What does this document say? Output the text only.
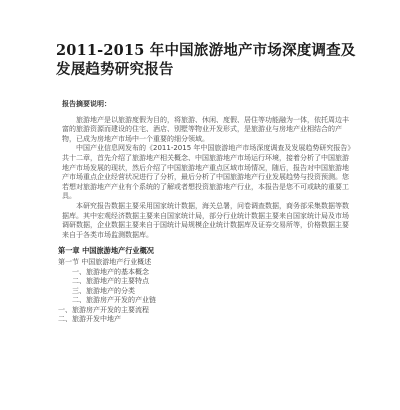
2011-2015 年中国旅游地产市场深度调查及发展趋势研究报告
报告摘要说明：

旅游地产是以旅游度假为目的，将旅游、休闲、度假、居住等功能融为一体，依托周边丰富的旅游资源而建设的住宅、酒店、别墅等物业开发形式，是旅游业与房地产业相结合的产物，已成为房地产市场中一个重要的细分领域。

中国产业信息网发布的《2011-2015 年中国旅游地产市场深度调查及发展趋势研究报告》共十二章，首先介绍了旅游地产相关概念、中国旅游地产市场运行环境，接着分析了中国旅游地产市场发展的现状，然后介绍了中国旅游地产重点区域市场情况，随后，报告对中国旅游地产市场重点企业经营状况进行了分析，最后分析了中国旅游地产行业发展趋势与投资预测。您若想对旅游地产产业有个系统的了解或者想投资旅游地产行业，本报告是您不可或缺的重要工具。

本研究报告数据主要采用国家统计数据，海关总署，问卷调查数据，商务部采集数据等数据库。其中宏观经济数据主要来自国家统计局，部分行业统计数据主要来自国家统计局及市场调研数据，企业数据主要来自于国统计局规模企业统计数据库及证券交易所等，价格数据主要来自于各类市场监测数据库。

第一章 中国旅游地产行业概况
第一节 中国旅游地产行业概述
一、旅游地产的基本概念
二、旅游地产的主要特点
三、旅游地产的分类
二、旅游房产开发的产业链
一、旅游房产开发的主要流程
二、旅游开发中地产
